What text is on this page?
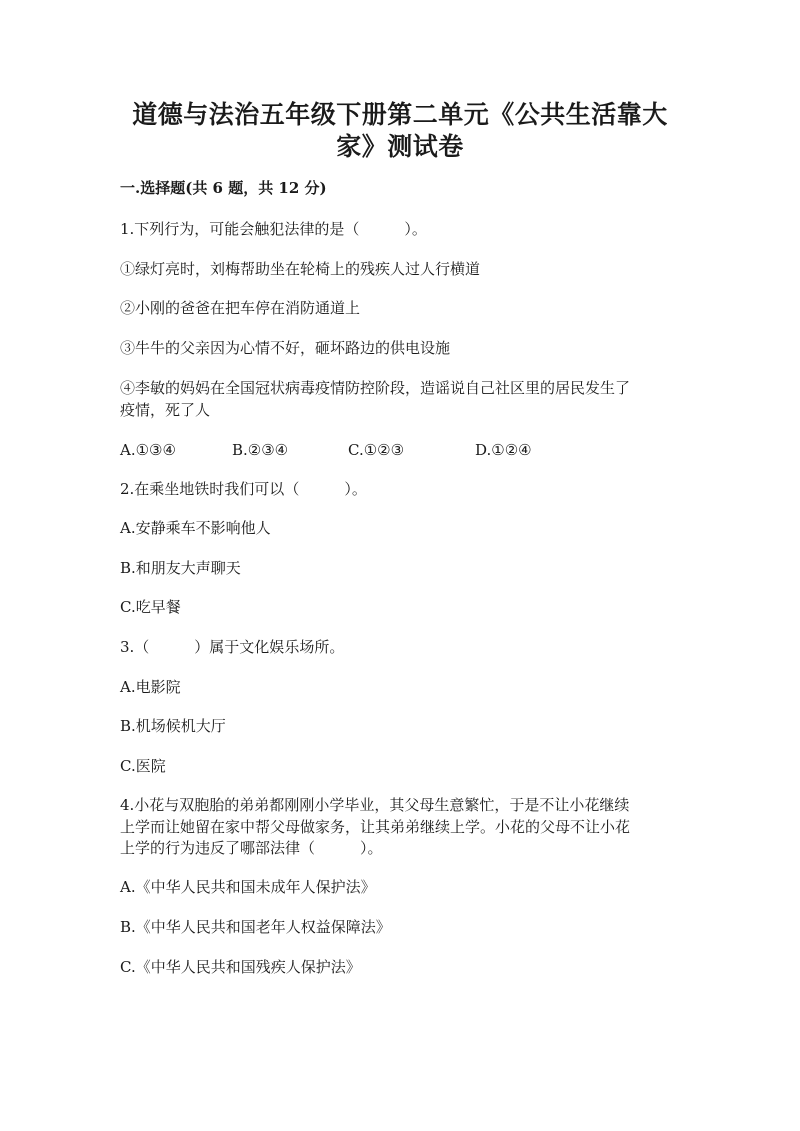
道德与法治五年级下册第二单元《公共生活靠大
家》测试卷
一.选择题(共 6 题，共 12 分)
1.下列行为，可能会触犯法律的是（　　　）。
①绿灯亮时，刘梅帮助坐在轮椅上的残疾人过人行横道
②小刚的爸爸在把车停在消防通道上
③牛牛的父亲因为心情不好，砸坏路边的供电设施
④李敏的妈妈在全国冠状病毒疫情防控阶段，造谣说自己社区里的居民发生了
疫情，死了人
A.①③④	B.②③④	C.①②③	D.①②④
2.在乘坐地铁时我们可以（　　　）。
A.安静乘车不影响他人
B.和朋友大声聊天
C.吃早餐
3.（　　　）属于文化娱乐场所。
A.电影院
B.机场候机大厅
C.医院
4.小花与双胞胎的弟弟都刚刚小学毕业，其父母生意繁忙，于是不让小花继续
上学而让她留在家中帮父母做家务，让其弟弟继续上学。小花的父母不让小花
上学的行为违反了哪部法律（　　　）。
A.《中华人民共和国未成年人保护法》
B.《中华人民共和国老年人权益保障法》
C.《中华人民共和国残疾人保护法》
